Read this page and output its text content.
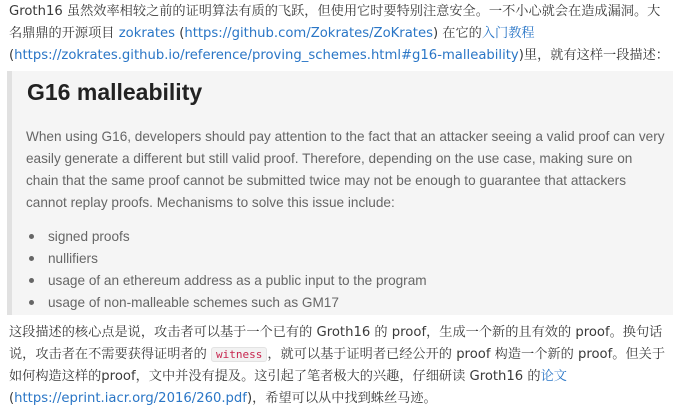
Groth16 虽然效率相较之前的证明算法有质的飞跃，但使用它时要特别注意安全。一不小心就会在造成漏洞。大名鼎鼎的开源项目 zokrates (https://github.com/Zokrates/ZoKrates) 在它的入门教程
(https://zokrates.github.io/reference/proving_schemes.html#g16-malleability)里，就有这样一段描述：
G16 malleability
When using G16, developers should pay attention to the fact that an attacker seeing a valid proof can very easily generate a different but still valid proof. Therefore, depending on the use case, making sure on chain that the same proof cannot be submitted twice may not be enough to guarantee that attackers cannot replay proofs. Mechanisms to solve this issue include:
signed proofs
nullifiers
usage of an ethereum address as a public input to the program
usage of non-malleable schemes such as GM17
这段描述的核心点是说，攻击者可以基于一个已有的 Groth16 的 proof，生成一个新的且有效的 proof。换句话说，攻击者在不需要获得证明者的 witness ，就可以基于证明者已经公开的 proof 构造一个新的 proof。但关于如何构造这样的proof，文中并没有提及。这引起了笔者极大的兴趣，仔细研读 Groth16 的论文
(https://eprint.iacr.org/2016/260.pdf)，希望可以从中找到蛛丝马迹。
